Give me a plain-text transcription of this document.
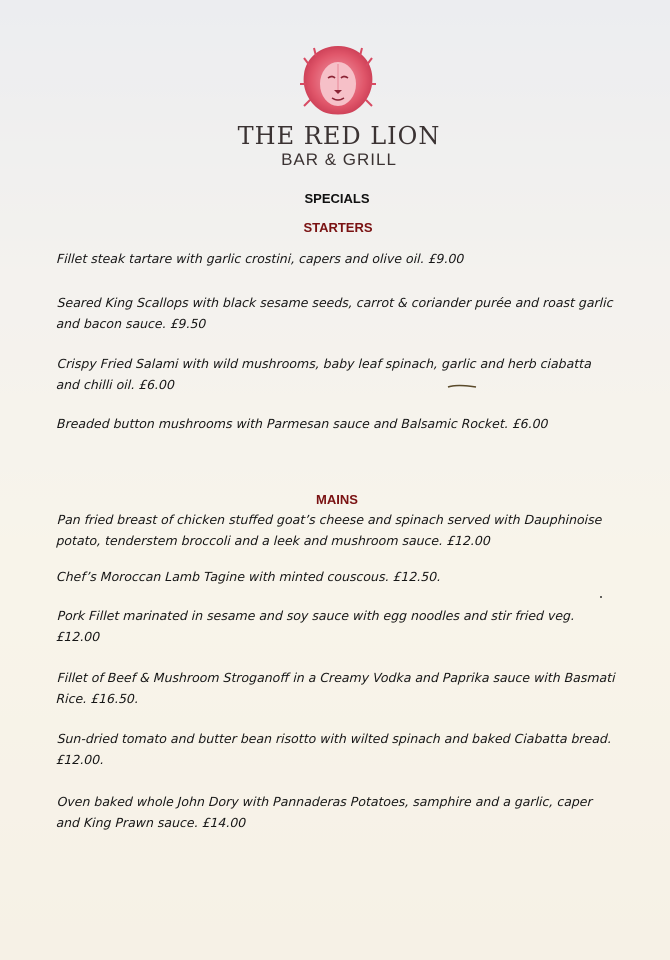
THE RED LION
BAR & GRILL
SPECIALS
STARTERS
Fillet steak tartare with garlic crostini, capers and olive oil. £9.00
Seared King Scallops with black sesame seeds, carrot & coriander purée and roast garlic and bacon sauce. £9.50
Crispy Fried Salami with wild mushrooms, baby leaf spinach, garlic and herb ciabatta and chilli oil. £6.00
Breaded button mushrooms with Parmesan sauce and Balsamic Rocket. £6.00
MAINS
Pan fried breast of chicken stuffed goat’s cheese and spinach served with Dauphinoise potato, tenderstem broccoli and a leek and mushroom sauce. £12.00
Chef’s Moroccan Lamb Tagine with minted couscous. £12.50.
Pork Fillet marinated in sesame and soy sauce with egg noodles and stir fried veg. £12.00
Fillet of Beef & Mushroom Stroganoff in a Creamy Vodka and Paprika sauce with Basmati Rice. £16.50.
Sun-dried tomato and butter bean risotto with wilted spinach and baked Ciabatta bread. £12.00.
Oven baked whole John Dory with Pannaderas Potatoes, samphire and a garlic, caper and King Prawn sauce. £14.00
